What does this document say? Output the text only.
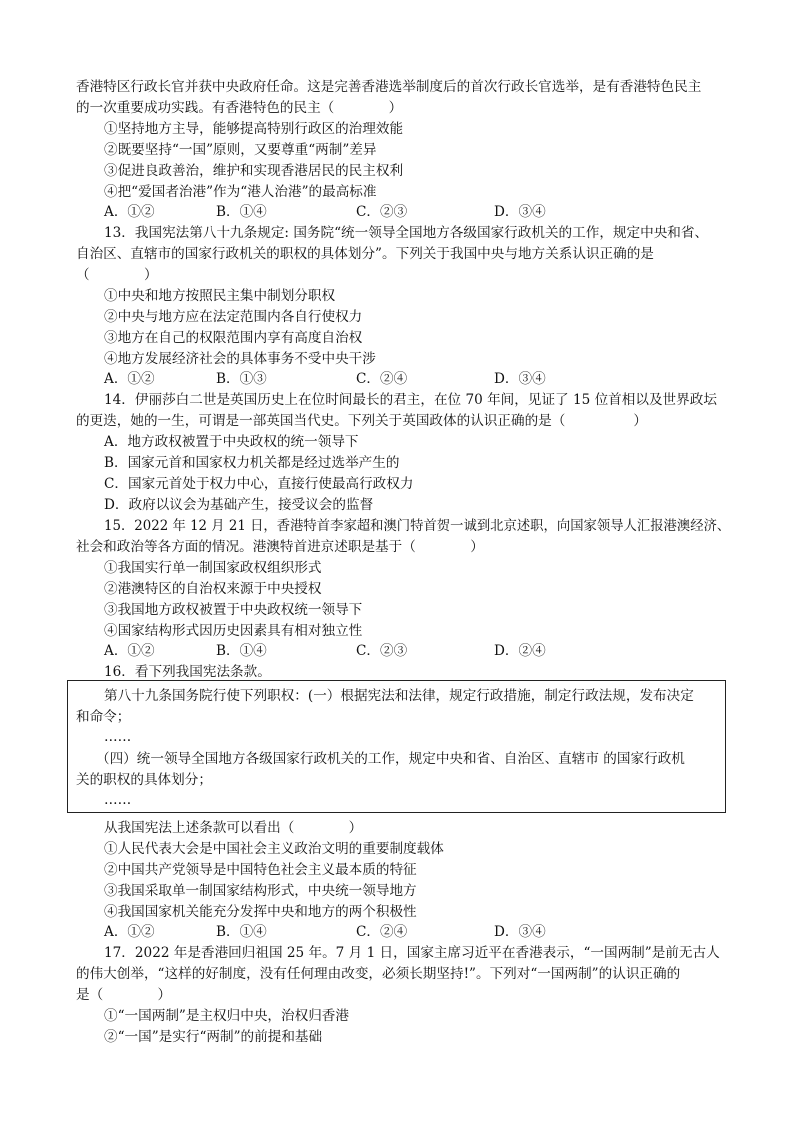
香港特区行政长官并获中央政府任命。这是完善香港选举制度后的首次行政长官选举，是有香港特色民主
的一次重要成功实践。有香港特色的民主（　　　　）
①坚持地方主导，能够提高特别行政区的治理效能
②既要坚持“一国”原则，又要尊重“两制”差异
③促进良政善治，维护和实现香港居民的民主权利
④把“爱国者治港”作为“港人治港”的最高标准
A．①②	B．①④	C．②③	D．③④
13．我国宪法第八十九条规定: 国务院“统一领导全国地方各级国家行政机关的工作，规定中央和省、
自治区、直辖市的国家行政机关的职权的具体划分”。下列关于我国中央与地方关系认识正确的是
（　　　　）
①中央和地方按照民主集中制划分职权
②中央与地方应在法定范围内各自行使权力
③地方在自己的权限范围内享有高度自治权
④地方发展经济社会的具体事务不受中央干涉
A．①②	B．①③	C．②④	D．③④
14．伊丽莎白二世是英国历史上在位时间最长的君主，在位 70 年间，见证了 15 位首相以及世界政坛
的更迭，她的一生，可谓是一部英国当代史。下列关于英国政体的认识正确的是（　　　　　）
A．地方政权被置于中央政权的统一领导下
B．国家元首和国家权力机关都是经过选举产生的
C．国家元首处于权力中心，直接行使最高行政权力
D．政府以议会为基础产生，接受议会的监督
15．2022 年 12 月 21 日，香港特首李家超和澳门特首贺一诚到北京述职，向国家领导人汇报港澳经济、
社会和政治等各方面的情况。港澳特首进京述职是基于（　　　　）
①我国实行单一制国家政权组织形式
②港澳特区的自治权来源于中央授权
③我国地方政权被置于中央政权统一领导下
④国家结构形式因历史因素具有相对独立性
A．①②	B．①④	C．②③	D．②④
16．看下列我国宪法条款。
第八十九条国务院行使下列职权：(一）根据宪法和法律，规定行政措施，制定行政法规，发布决定
和命令；
……
（四）统一领导全国地方各级国家行政机关的工作，规定中央和省、自治区、直辖市 的国家行政机
关的职权的具体划分；
……
从我国宪法上述条款可以看出（　　　　）
①人民代表大会是中国社会主义政治文明的重要制度载体
②中国共产党领导是中国特色社会主义最本质的特征
③我国采取单一制国家结构形式，中央统一领导地方
④我国国家机关能充分发挥中央和地方的两个积极性
A．①②	B．①④	C．②④	D．③④
17．2022 年是香港回归祖国 25 年。7 月 1 日，国家主席习近平在香港表示，“一国两制”是前无古人
的伟大创举，“这样的好制度，没有任何理由改变，必须长期坚持!”。下列对“一国两制”的认识正确的
是（　　　　）
①“一国两制”是主权归中央，治权归香港
②“一国”是实行“两制”的前提和基础
